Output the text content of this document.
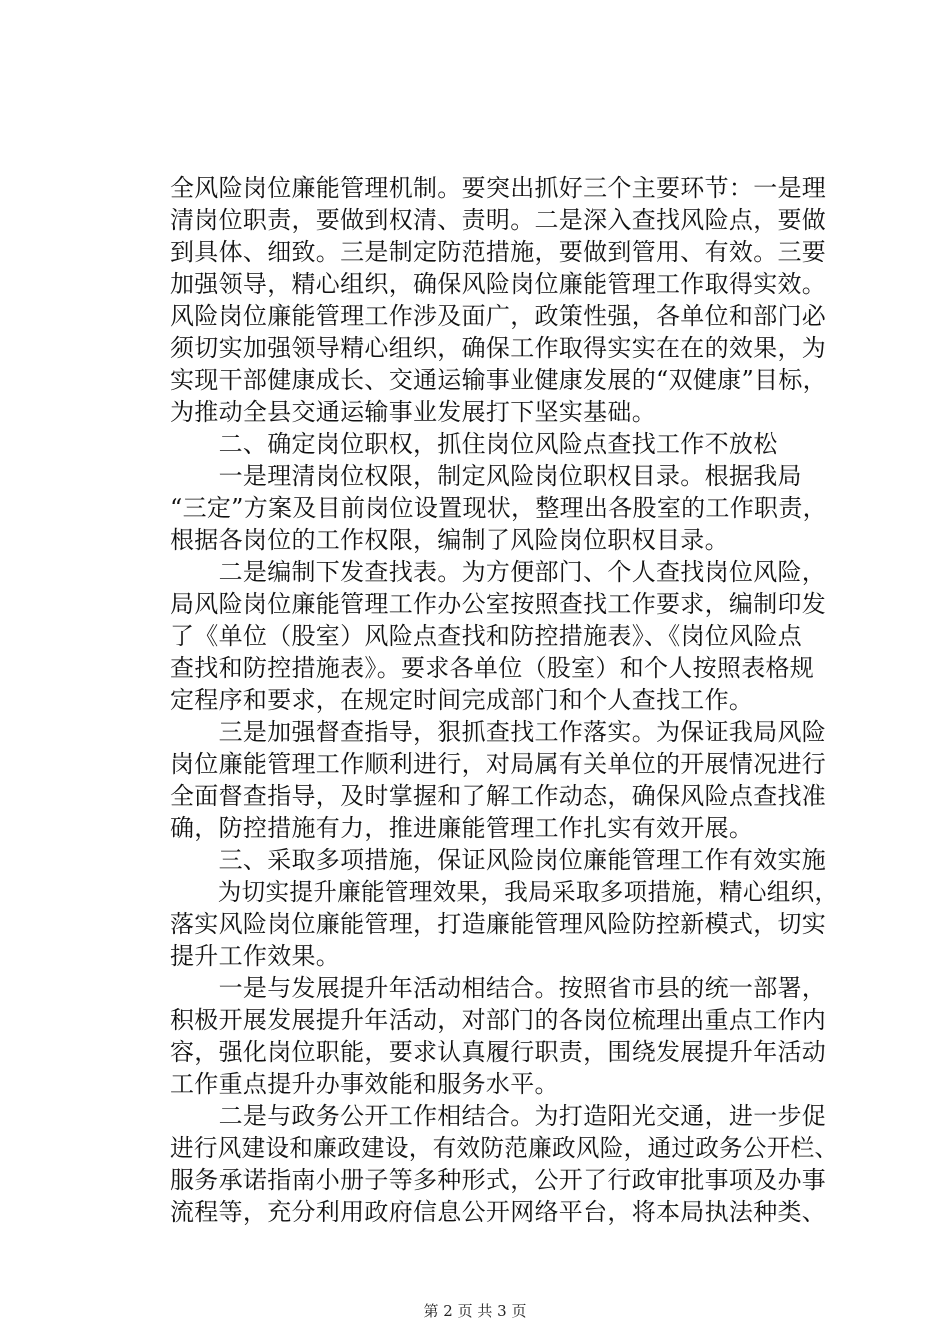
全风险岗位廉能管理机制。要突出抓好三个主要环节：一是理
清岗位职责，要做到权清、责明。二是深入查找风险点，要做
到具体、细致。三是制定防范措施，要做到管用、有效。三要
加强领导，精心组织，确保风险岗位廉能管理工作取得实效。
风险岗位廉能管理工作涉及面广，政策性强，各单位和部门必
须切实加强领导精心组织，确保工作取得实实在在的效果，为
实现干部健康成长、交通运输事业健康发展的“双健康”目标，
为推动全县交通运输事业发展打下坚实基础。
　　二、确定岗位职权，抓住岗位风险点查找工作不放松
　　一是理清岗位权限，制定风险岗位职权目录。根据我局
“三定”方案及目前岗位设置现状，整理出各股室的工作职责，
根据各岗位的工作权限，编制了风险岗位职权目录。
　　二是编制下发查找表。为方便部门、个人查找岗位风险，
局风险岗位廉能管理工作办公室按照查找工作要求，编制印发
了《单位（股室）风险点查找和防控措施表》、《岗位风险点
查找和防控措施表》。要求各单位（股室）和个人按照表格规
定程序和要求，在规定时间完成部门和个人查找工作。
　　三是加强督查指导，狠抓查找工作落实。为保证我局风险
岗位廉能管理工作顺利进行，对局属有关单位的开展情况进行
全面督查指导，及时掌握和了解工作动态，确保风险点查找准
确，防控措施有力，推进廉能管理工作扎实有效开展。
　　三、采取多项措施，保证风险岗位廉能管理工作有效实施
　　为切实提升廉能管理效果，我局采取多项措施，精心组织，
落实风险岗位廉能管理，打造廉能管理风险防控新模式，切实
提升工作效果。
　　一是与发展提升年活动相结合。按照省市县的统一部署，
积极开展发展提升年活动，对部门的各岗位梳理出重点工作内
容，强化岗位职能，要求认真履行职责，围绕发展提升年活动
工作重点提升办事效能和服务水平。
　　二是与政务公开工作相结合。为打造阳光交通，进一步促
进行风建设和廉政建设，有效防范廉政风险，通过政务公开栏、
服务承诺指南小册子等多种形式，公开了行政审批事项及办事
流程等，充分利用政府信息公开网络平台，将本局执法种类、
第 2 页 共 3 页
